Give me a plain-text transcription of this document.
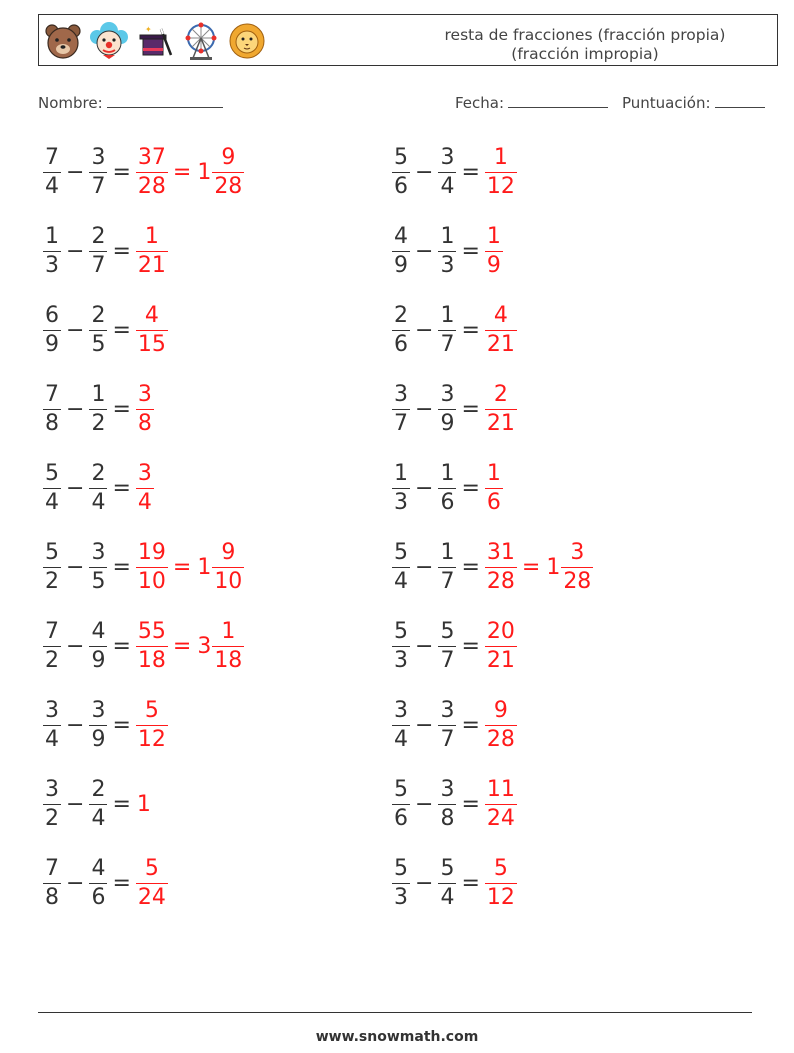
✦	resta de fracciones (fracción propia)
(fracción impropia)
Nombre:	Fecha:	Puntuación:
$\frac{7}{4} - \frac{3}{7} = \frac{37}{28} = 1 \frac{9}{28}$	$\frac{5}{6} - \frac{3}{4} = \frac{1}{12}$
$\frac{1}{3} - \frac{2}{7} = \frac{1}{21}$	$\frac{4}{9} - \frac{1}{3} = \frac{1}{9}$
$\frac{6}{9} - \frac{2}{5} = \frac{4}{15}$	$\frac{2}{6} - \frac{1}{7} = \frac{4}{21}$
$\frac{7}{8} - \frac{1}{2} = \frac{3}{8}$	$\frac{3}{7} - \frac{3}{9} = \frac{2}{21}$
$\frac{5}{4} - \frac{2}{4} = \frac{3}{4}$	$\frac{1}{3} - \frac{1}{6} = \frac{1}{6}$
$\frac{5}{2} - \frac{3}{5} = \frac{19}{10} = 1 \frac{9}{10}$	$\frac{5}{4} - \frac{1}{7} = \frac{31}{28} = 1 \frac{3}{28}$
$\frac{7}{2} - \frac{4}{9} = \frac{55}{18} = 3 \frac{1}{18}$	$\frac{5}{3} - \frac{5}{7} = \frac{20}{21}$
$\frac{3}{4} - \frac{3}{9} = \frac{5}{12}$	$\frac{3}{4} - \frac{3}{7} = \frac{9}{28}$
$\frac{3}{2} - \frac{2}{4} = 1$	$\frac{5}{6} - \frac{3}{8} = \frac{11}{24}$
$\frac{7}{8} - \frac{4}{6} = \frac{5}{24}$	$\frac{5}{3} - \frac{5}{4} = \frac{5}{12}$
www.snowmath.com
